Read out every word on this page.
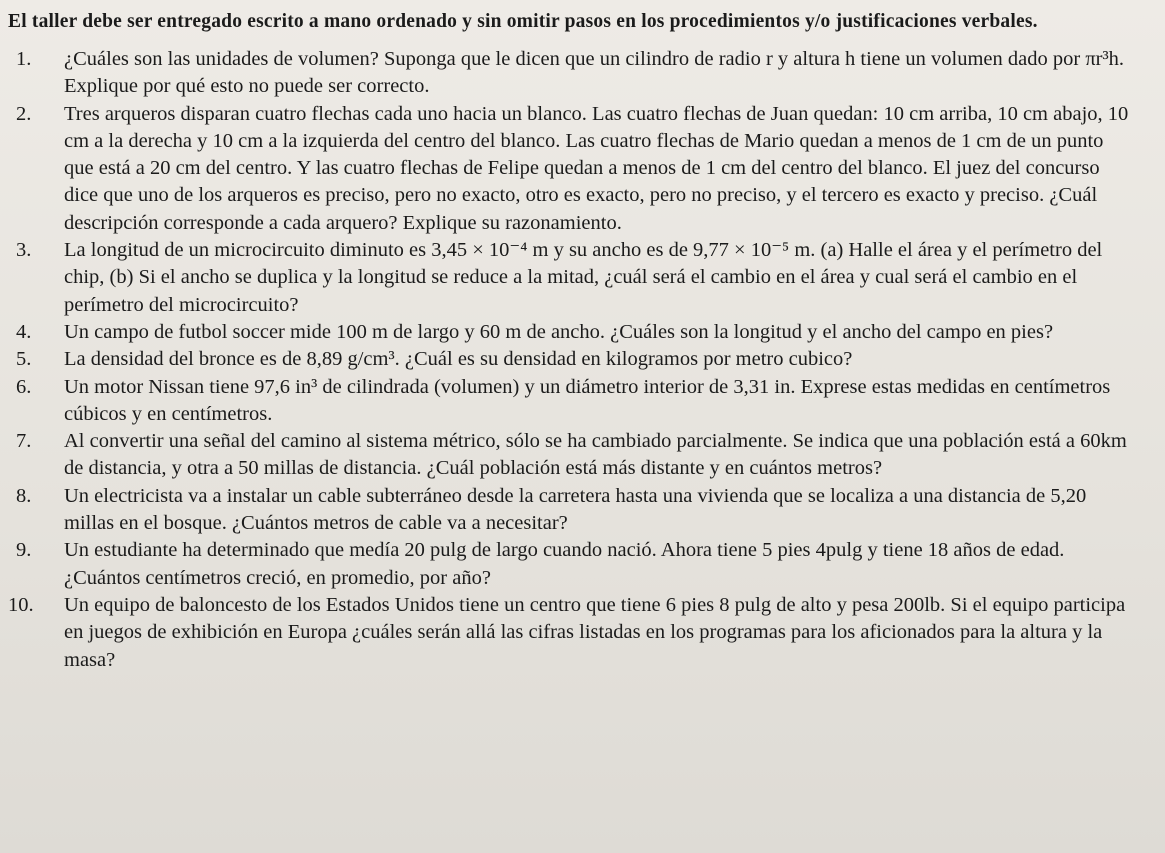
El taller debe ser entregado escrito a mano ordenado y sin omitir pasos en los procedimientos y/o justificaciones verbales.

1.	¿Cuáles son las unidades de volumen? Suponga que le dicen que un cilindro de radio r y altura h tiene un volumen dado por πr³h. Explique por qué esto no puede ser correcto.
2.	Tres arqueros disparan cuatro flechas cada uno hacia un blanco. Las cuatro flechas de Juan quedan: 10 cm arriba, 10 cm abajo, 10 cm a la derecha y 10 cm a la izquierda del centro del blanco. Las cuatro flechas de Mario quedan a menos de 1 cm de un punto que está a 20 cm del centro. Y las cuatro flechas de Felipe quedan a menos de 1 cm del centro del blanco. El juez del concurso dice que uno de los arqueros es preciso, pero no exacto, otro es exacto, pero no preciso, y el tercero es exacto y preciso. ¿Cuál descripción corresponde a cada arquero? Explique su razonamiento.
3.	La longitud de un microcircuito diminuto es 3,45 × 10⁻⁴ m y su ancho es de 9,77 × 10⁻⁵ m. (a) Halle el área y el perímetro del chip, (b) Si el ancho se duplica y la longitud se reduce a la mitad, ¿cuál será el cambio en el área y cual será el cambio en el perímetro del microcircuito?
4.	Un campo de futbol soccer mide 100 m de largo y 60 m de ancho. ¿Cuáles son la longitud y el ancho del campo en pies?
5.	La densidad del bronce es de 8,89 g/cm³. ¿Cuál es su densidad en kilogramos por metro cubico?
6.	Un motor Nissan tiene 97,6 in³ de cilindrada (volumen) y un diámetro interior de 3,31 in. Exprese estas medidas en centímetros cúbicos y en centímetros.
7.	Al convertir una señal del camino al sistema métrico, sólo se ha cambiado parcialmente. Se indica que una población está a 60km de distancia, y otra a 50 millas de distancia. ¿Cuál población está más distante y en cuántos metros?
8.	Un electricista va a instalar un cable subterráneo desde la carretera hasta una vivienda que se localiza a una distancia de 5,20 millas en el bosque. ¿Cuántos metros de cable va a necesitar?
9.	Un estudiante ha determinado que medía 20 pulg de largo cuando nació. Ahora tiene 5 pies 4pulg y tiene 18 años de edad. ¿Cuántos centímetros creció, en promedio, por año?
10.	Un equipo de baloncesto de los Estados Unidos tiene un centro que tiene 6 pies 8 pulg de alto y pesa 200lb. Si el equipo participa en juegos de exhibición en Europa ¿cuáles serán allá las cifras listadas en los programas para los aficionados para la altura y la masa?
